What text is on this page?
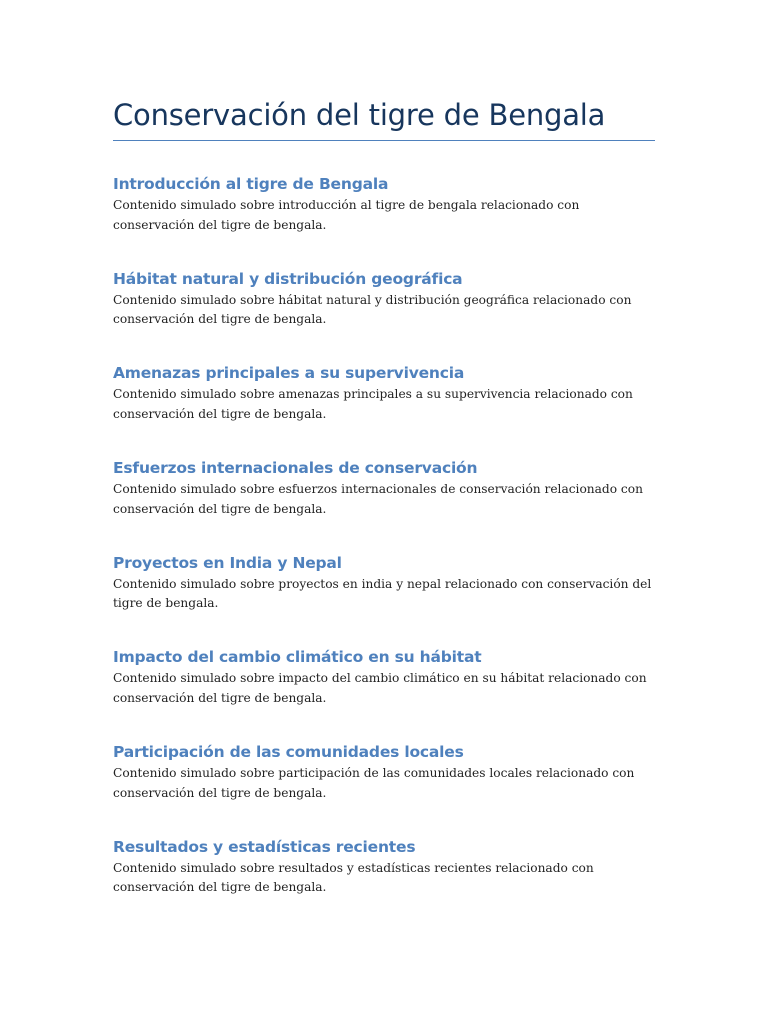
Conservación del tigre de Bengala
Introducción al tigre de Bengala

Contenido simulado sobre introducción al tigre de bengala relacionado con conservación del tigre de bengala.

Hábitat natural y distribución geográfica

Contenido simulado sobre hábitat natural y distribución geográfica relacionado con conservación del tigre de bengala.

Amenazas principales a su supervivencia

Contenido simulado sobre amenazas principales a su supervivencia relacionado con conservación del tigre de bengala.

Esfuerzos internacionales de conservación

Contenido simulado sobre esfuerzos internacionales de conservación relacionado con conservación del tigre de bengala.

Proyectos en India y Nepal

Contenido simulado sobre proyectos en india y nepal relacionado con conservación del tigre de bengala.

Impacto del cambio climático en su hábitat

Contenido simulado sobre impacto del cambio climático en su hábitat relacionado con conservación del tigre de bengala.

Participación de las comunidades locales

Contenido simulado sobre participación de las comunidades locales relacionado con conservación del tigre de bengala.

Resultados y estadísticas recientes

Contenido simulado sobre resultados y estadísticas recientes relacionado con conservación del tigre de bengala.
